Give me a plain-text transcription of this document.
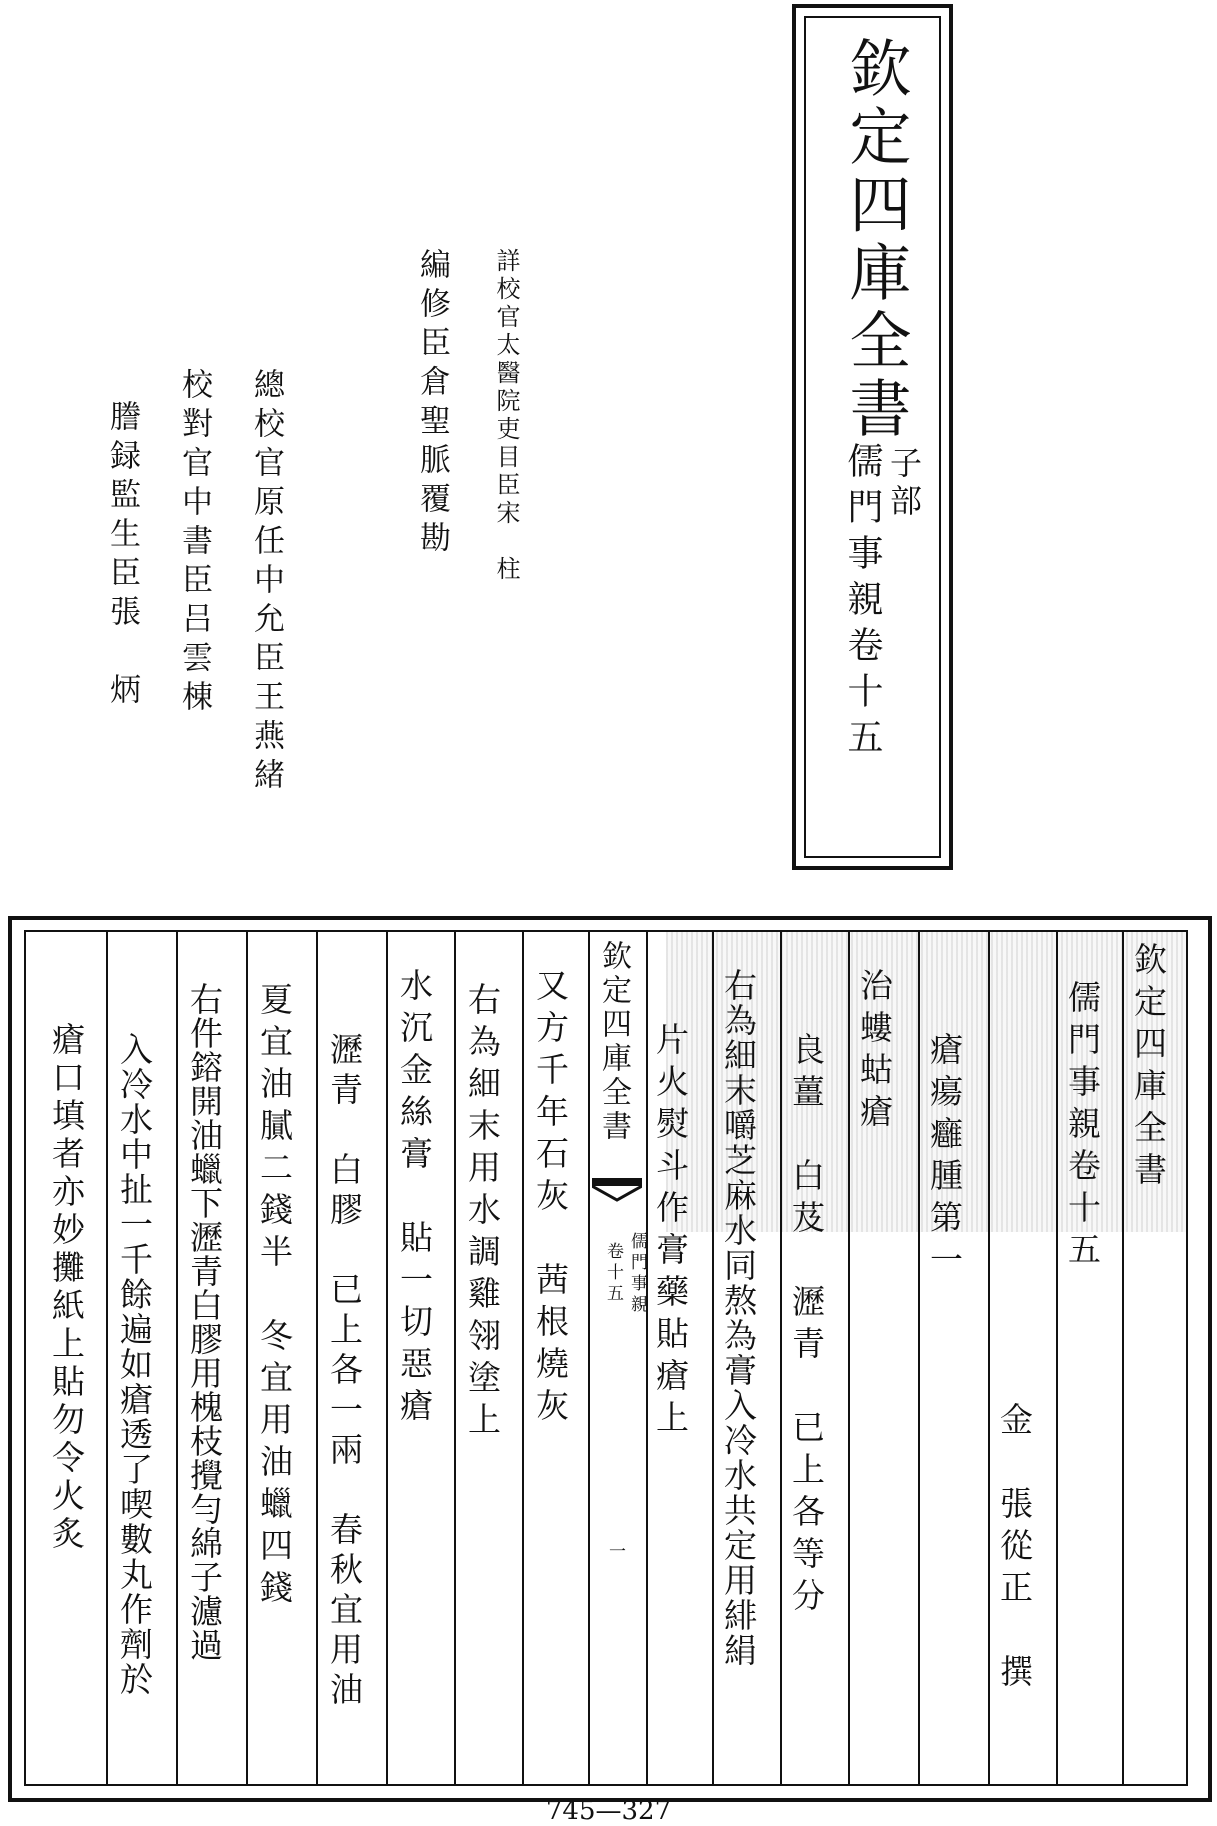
欽定四庫全書
儒門事親卷十五 子部
詳校官太醫院吏目臣宋　柱
編修臣倉聖脈覆勘
總校官原任中允臣王燕緒
校對官中書臣吕雲棟
謄録監生臣張　炳
欽定四庫全書
儒門事親卷十五
金　張從正　撰
瘡瘍癰腫第一
治螻蛄瘡
良薑　白芨　瀝青　已上各等分
右為細末嚼芝麻水同熬為膏入冷水共定用緋絹
片火熨斗作膏藥貼瘡上
欽定四庫全書
儒門事親
卷十五
一
又方千年石灰　茜根燒灰
右為細末用水調雞翎塗上
水沉金絲膏　貼一切惡瘡
瀝青　白膠　已上各一兩　春秋宜用油
夏宜油膩二錢半　冬宜用油蠟四錢
右件鎔開油蠟下瀝青白膠用槐枝攪勻綿子濾過
入冷水中扯一千餘遍如瘡透了喫數丸作劑於
瘡口填者亦妙攤紙上貼勿令火炙
745—327
